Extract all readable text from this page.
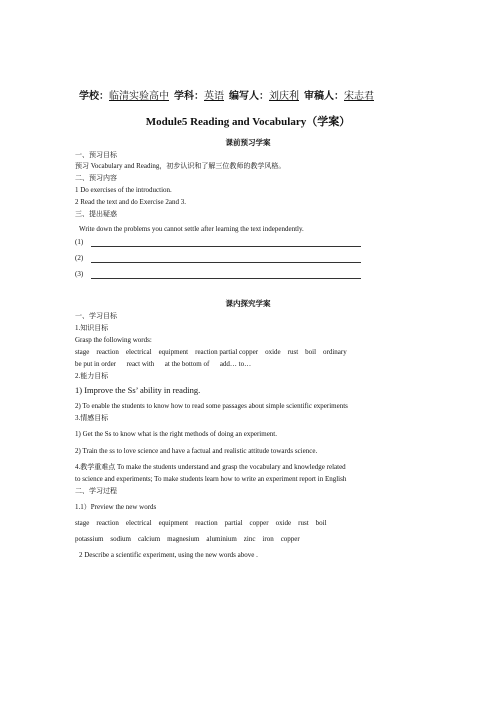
学校：临清实验高中 学科：英语 编写人：刘庆利 审稿人：宋志君
Module5 Reading and Vocabulary（学案）
课前预习学案
一、预习目标
预习 Vocabulary and Reading，初步认识和了解三位教师的教学风格。
二、预习内容
1 Do exercises of the introduction.
2 Read the text and do Exercise 2and 3.
三、提出疑惑
Write down the problems you cannot settle after learning the text independently.
(1)
(2)
(3)
课内探究学案
一、学习目标
1.知识目标
Grasp the following words:
stage    reaction    electrical    equipment    reaction partial copper    oxide    rust    boil    ordinary
be put in order      react with      at the bottom of      add… to…
2.能力目标
1) Improve the Ss’ ability in reading.
2) To enable the students to know how to read some passages about simple scientific experiments
3.情感目标
1) Get the Ss to know what is the right methods of doing an experiment.
2) Train the ss to love science and have a factual and realistic attitude towards science.
4.教学重难点 To make the students understand and grasp the vocabulary and knowledge related
to science and experiments; To make students learn how to write an experiment report in English
二、学习过程
1.1）Preview the new words
stage    reaction    electrical    equipment    reaction    partial    copper    oxide    rust    boil
potassium    sodium    calcium    magnesium    aluminium    zinc    iron    copper
2 Describe a scientific experiment, using the new words above .
